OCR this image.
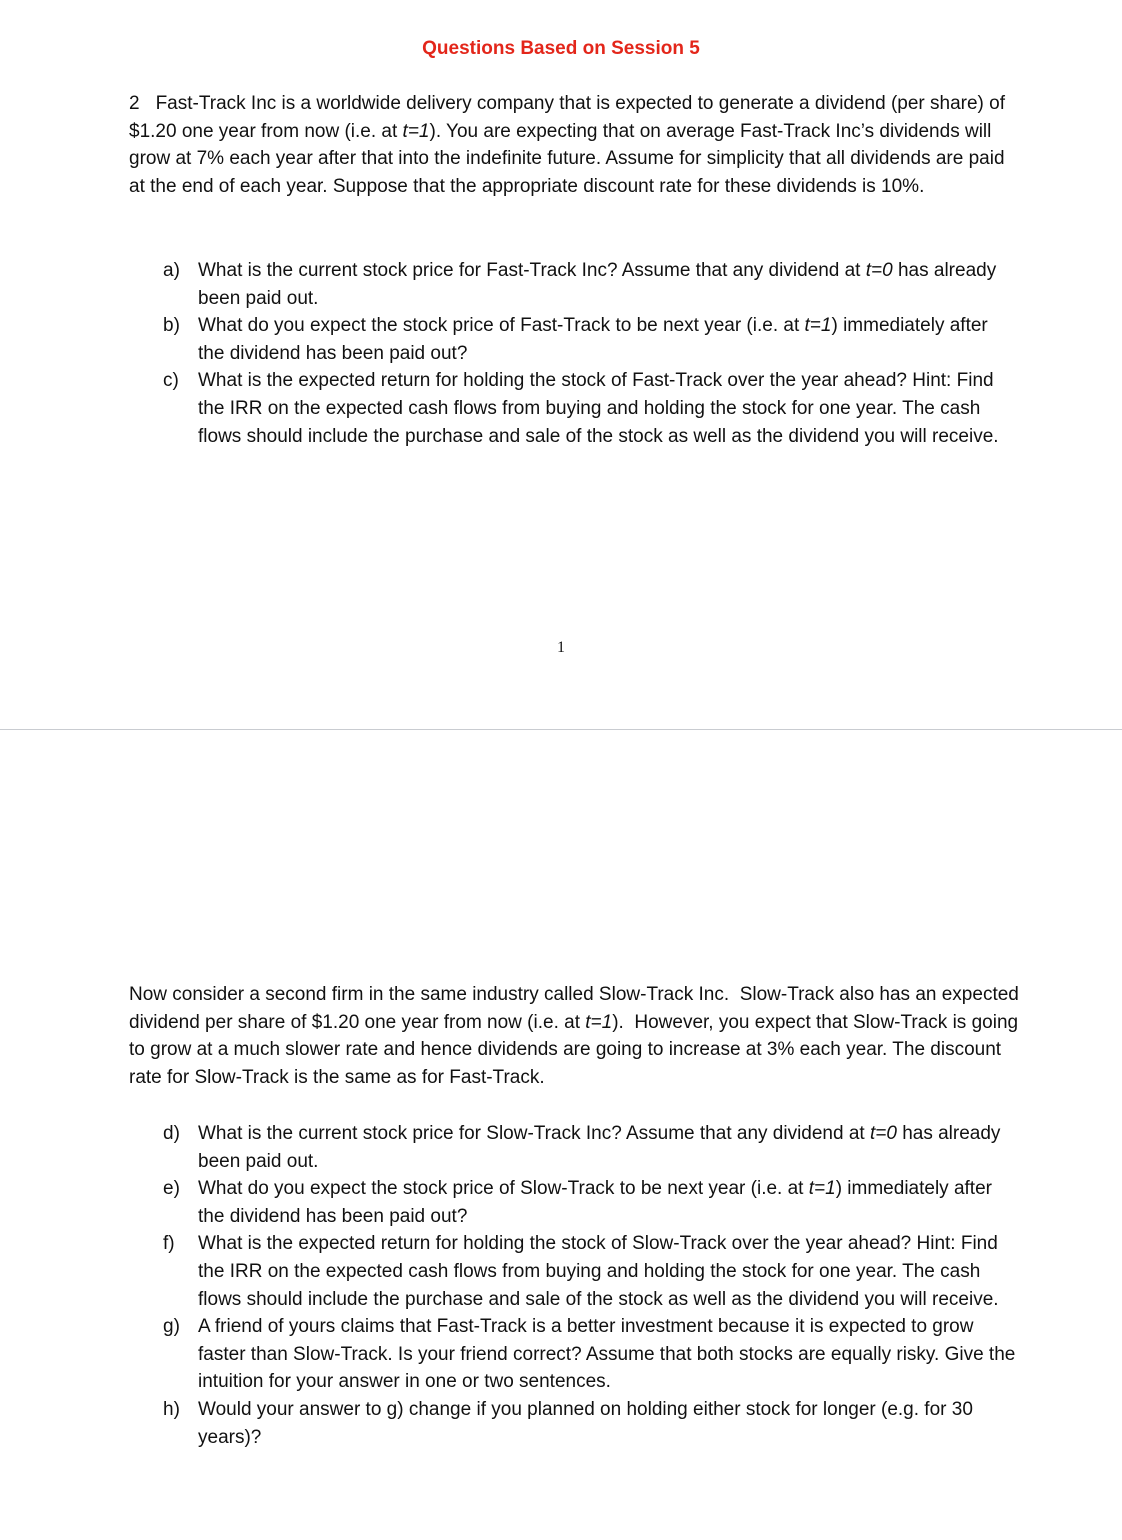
Questions Based on Session 5

2 Fast-Track Inc is a worldwide delivery company that is expected to generate a dividend (per share) of $1.20 one year from now (i.e. at t=1). You are expecting that on average Fast-Track Inc’s dividends will grow at 7% each year after that into the indefinite future. Assume for simplicity that all dividends are paid at the end of each year. Suppose that the appropriate discount rate for these dividends is 10%.

a) What is the current stock price for Fast-Track Inc? Assume that any dividend at t=0 has already been paid out.
b) What do you expect the stock price of Fast-Track to be next year (i.e. at t=1) immediately after the dividend has been paid out?
c) What is the expected return for holding the stock of Fast-Track over the year ahead? Hint: Find the IRR on the expected cash flows from buying and holding the stock for one year. The cash flows should include the purchase and sale of the stock as well as the dividend you will receive.
1

Now consider a second firm in the same industry called Slow-Track Inc.  Slow-Track also has an expected dividend per share of $1.20 one year from now (i.e. at t=1).  However, you expect that Slow-Track is going to grow at a much slower rate and hence dividends are going to increase at 3% each year. The discount rate for Slow-Track is the same as for Fast-Track.

d) What is the current stock price for Slow-Track Inc? Assume that any dividend at t=0 has already been paid out.
e) What do you expect the stock price of Slow-Track to be next year (i.e. at t=1) immediately after the dividend has been paid out?
f) What is the expected return for holding the stock of Slow-Track over the year ahead? Hint: Find the IRR on the expected cash flows from buying and holding the stock for one year. The cash flows should include the purchase and sale of the stock as well as the dividend you will receive.
g) A friend of yours claims that Fast-Track is a better investment because it is expected to grow faster than Slow-Track. Is your friend correct? Assume that both stocks are equally risky. Give the intuition for your answer in one or two sentences.
h) Would your answer to g) change if you planned on holding either stock for longer (e.g. for 30 years)?
